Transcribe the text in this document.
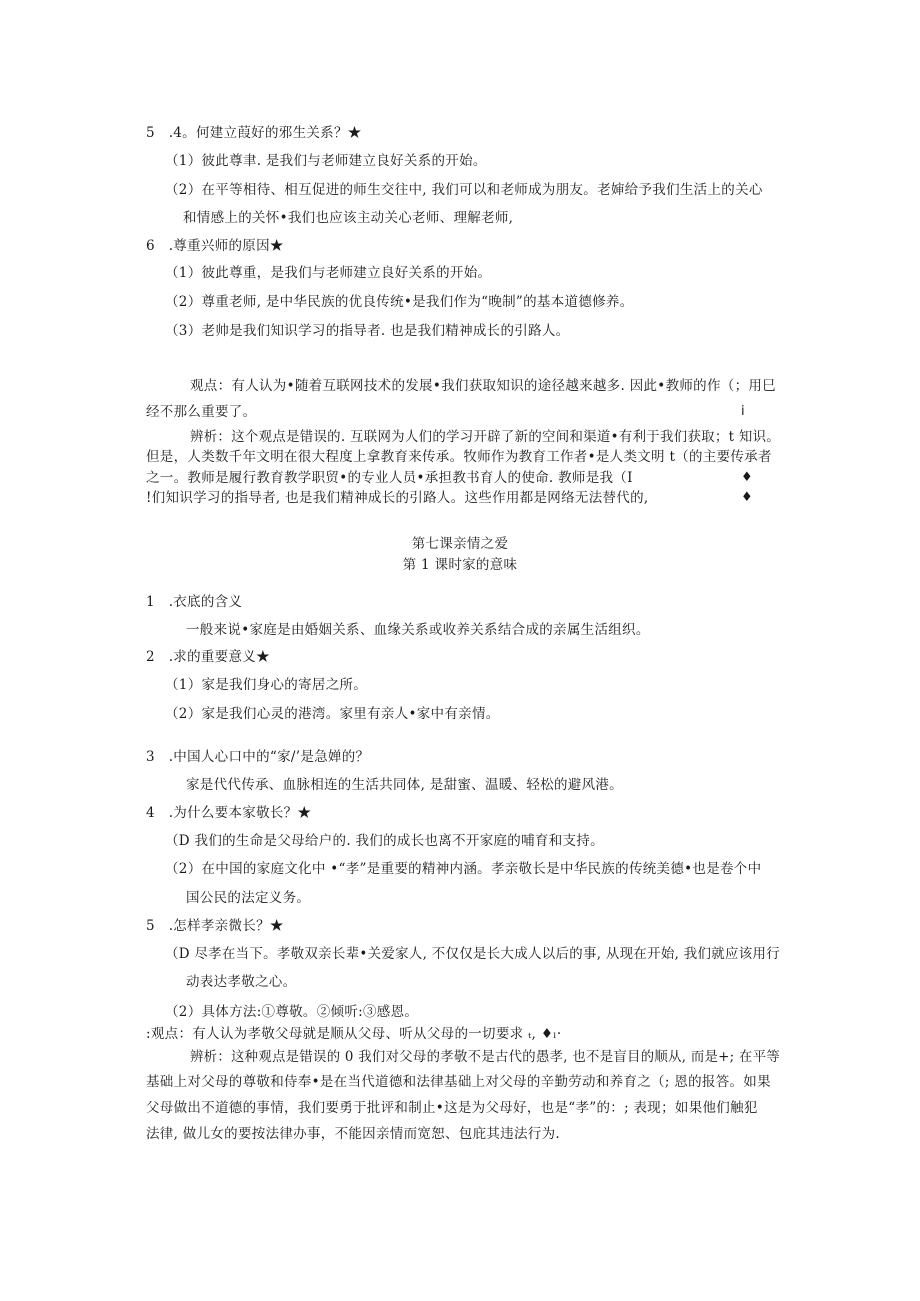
5　.4。何建立葭好的邪生关系？★
（1）彼此尊聿. 是我们与老师建立良好关系的开始。
（2）在平等相待、相互促进的师生交往中, 我们可以和老师成为朋友。老婶给予我们生活上的关心
和情感上的关怀•我们也应该主动关心老师、理解老师,
6　.尊重兴师的原因★
（1）彼此尊重，是我们与老师建立良好关系的开始。
（2）尊重老师, 是中华民族的优良传统•是我们作为“晚制”的基本道德修养。
（3）老帅是我们知识学习的指导者. 也是我们精神成长的引路人。
观点：有人认为•随着互联网技术的发展•我们获取知识的途径越来越多. 因此•教师的作（；用巳
经不那么重要了。	i
辨析：这个观点是错误的. 互联网为人们的学习开辟了新的空间和渠道•有利于我们获取；t 知识。
但是，人类数千年文明在很大程度上拿教育来传承。牧师作为教育工作者•是人类文明 t（的主要传承者
之一。教师是履行教育教学职贸•的专业人员•承担教书育人的使命. 教师是我（I	♦
!们知识学习的指导者, 也是我们精神成长的引路人。这些作用都是网络无法替代的,	♦
第七课亲情之爱
第 1 课时家的意味
1　.衣底的含义
一般来说•家庭是由婚姻关系、血缘关系或收养关系结合成的亲属生活组织。
2　.求的重要意义★
（1）家是我们身心的寄居之所。
（2）家是我们心灵的港湾。家里有亲人•家中有亲情。
3　.中国人心口中的“家/’是急婵的？
家是代代传承、血脉相连的生活共同体, 是甜蜜、温暖、轻松的避风港。
4　.为什么要本家敬长？★
（D 我们的生命是父母给户的. 我们的成长也离不开家庭的哺育和支持。
（2）在中国的家庭文化中 •“孝”是重要的精神内涵。孝亲敬长是中华民族的传统美德•也是卷个中
国公民的法定义务。
5　.怎样孝亲微长？★
（D 尽孝在当下。孝敬双亲长辈•关爱家人, 不仅仅是长大成人以后的事, 从现在开始, 我们就应该用行
动表达孝敬之心。
（2）具体方法:①尊敬。②倾听:③感恩。
:观点：有人认为孝敬父母就是顺从父母、听从父母的一切要求 ₜ, ♦ₗ·
辨析：这种观点是错误的 0 我们对父母的孝敬不是古代的愚孝, 也不是盲目的顺从, 而是+; 在平等
基础上对父母的尊敬和侍奉•是在当代道德和法律基础上对父母的辛勤劳动和养育之（; 恩的报答。如果
父母做出不道德的事情，我们要勇于批评和制止•这是为父母好，也是“孝”的：; 表现；如果他们触犯
法律, 做儿女的要按法律办事，不能因亲情而宽恕、包庇其违法行为.
